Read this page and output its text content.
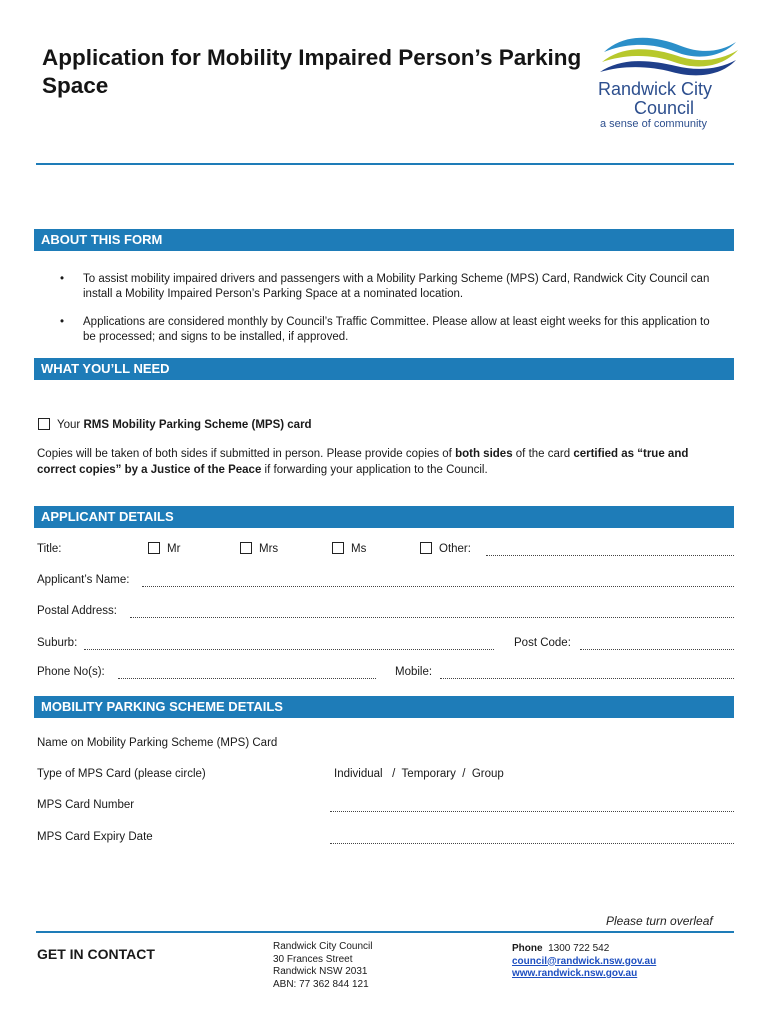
Application for Mobility Impaired Person’s Parking Space	Randwick City
Council
a sense of community
ABOUT THIS FORM
• To assist mobility impaired drivers and passengers with a Mobility Parking Scheme (MPS) Card, Randwick City Council can install a Mobility Impaired Person’s Parking Space at a nominated location.
• Applications are considered monthly by Council’s Traffic Committee. Please allow at least eight weeks for this application to be processed; and signs to be installed, if approved.
WHAT YOU’LL NEED
Your RMS Mobility Parking Scheme (MPS) card
Copies will be taken of both sides if submitted in person. Please provide copies of both sides of the card certified as “true and correct copies” by a Justice of the Peace if forwarding your application to the Council.
APPLICANT DETAILS
Title:	Mr	Mrs	Ms	Other:
Applicant’s Name:
Postal Address:
Suburb:	Post Code:
Phone No(s):	Mobile:
MOBILITY PARKING SCHEME DETAILS
Name on Mobility Parking Scheme (MPS) Card
Type of MPS Card (please circle)	Individual   /  Temporary  /  Group
MPS Card Number
MPS Card Expiry Date
Please turn overleaf
GET IN CONTACT	Randwick City Council
30 Frances Street
Randwick NSW 2031
ABN: 77 362 844 121
Phone 1300 722 542
council@randwick.nsw.gov.au
www.randwick.nsw.gov.au
